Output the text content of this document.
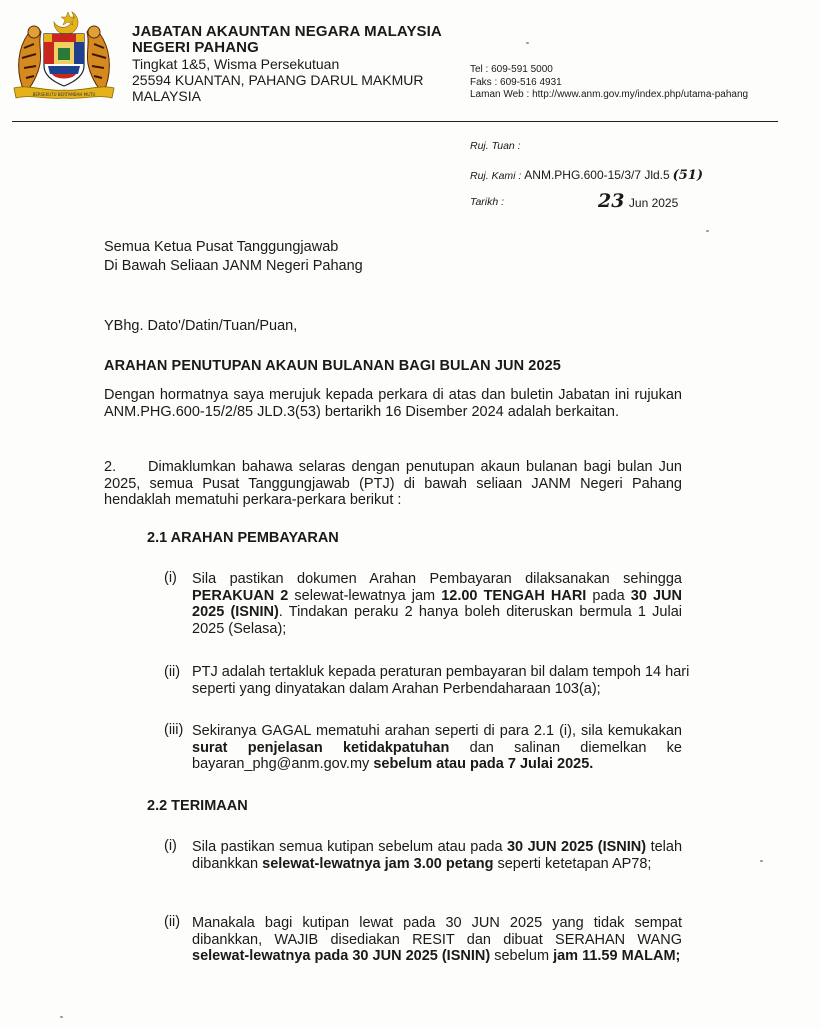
BERSEKUTU BERTAMBAH MUTU
JABATAN AKAUNTAN NEGARA MALAYSIA
NEGERI PAHANG
Tingkat 1&5, Wisma Persekutuan
25594 KUANTAN, PAHANG DARUL MAKMUR
MALAYSIA
Tel : 609-591 5000
Faks : 609-516 4931
Laman Web : http://www.anm.gov.my/index.php/utama-pahang
Ruj. Tuan :
Ruj. Kami : ANM.PHG.600-15/3/7 Jld.5 (51)
Tarikh :	23 Jun 2025
Semua Ketua Pusat Tanggungjawab
Di Bawah Seliaan JANM Negeri Pahang
YBhg. Dato'/Datin/Tuan/Puan,
ARAHAN PENUTUPAN AKAUN BULANAN BAGI BULAN JUN 2025
Dengan hormatnya saya merujuk kepada perkara di atas dan buletin Jabatan ini rujukan ANM.PHG.600-15/2/85 JLD.3(53) bertarikh 16 Disember 2024 adalah berkaitan.
2. Dimaklumkan bahawa selaras dengan penutupan akaun bulanan bagi bulan Jun 2025, semua Pusat Tanggungjawab (PTJ) di bawah seliaan JANM Negeri Pahang hendaklah mematuhi perkara-perkara berikut :
2.1 ARAHAN PEMBAYARAN
(i) Sila pastikan dokumen Arahan Pembayaran dilaksanakan sehingga PERAKUAN 2 selewat-lewatnya jam 12.00 TENGAH HARI pada 30 JUN 2025 (ISNIN). Tindakan peraku 2 hanya boleh diteruskan bermula 1 Julai 2025 (Selasa);
(ii) PTJ adalah tertakluk kepada peraturan pembayaran bil dalam tempoh 14 hari seperti yang dinyatakan dalam Arahan Perbendaharaan 103(a);
(iii) Sekiranya GAGAL mematuhi arahan seperti di para 2.1 (i), sila kemukakan surat penjelasan ketidakpatuhan dan salinan diemelkan ke bayaran_phg@anm.gov.my sebelum atau pada 7 Julai 2025.
2.2 TERIMAAN
(i) Sila pastikan semua kutipan sebelum atau pada 30 JUN 2025 (ISNIN) telah dibankkan selewat-lewatnya jam 3.00 petang seperti ketetapan AP78;
(ii) Manakala bagi kutipan lewat pada 30 JUN 2025 yang tidak sempat dibankkan, WAJIB disediakan RESIT dan dibuat SERAHAN WANG selewat-lewatnya pada 30 JUN 2025 (ISNIN) sebelum jam 11.59 MALAM;
